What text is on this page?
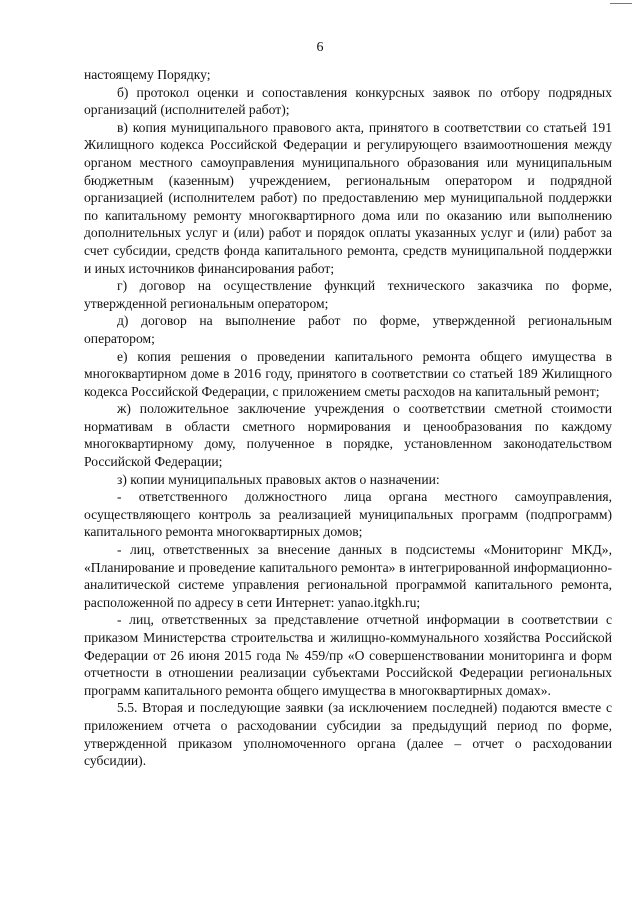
6

настоящему Порядку;

б) протокол оценки и сопоставления конкурсных заявок по отбору подрядных организаций (исполнителей работ);

в) копия муниципального правового акта, принятого в соответствии со статьей 191 Жилищного кодекса Российской Федерации и регулирующего взаимоотношения между органом местного самоуправления муниципального образования или муниципальным бюджетным (казенным) учреждением, региональным оператором и подрядной организацией (исполнителем работ) по предоставлению мер муниципальной поддержки по капитальному ремонту многоквартирного дома или по оказанию или выполнению дополнительных услуг и (или) работ и порядок оплаты указанных услуг и (или) работ за счет субсидии, средств фонда капитального ремонта, средств муниципальной поддержки и иных источников финансирования работ;

г) договор на осуществление функций технического заказчика по форме, утвержденной региональным оператором;

д) договор на выполнение работ по форме, утвержденной региональным оператором;

е) копия решения о проведении капитального ремонта общего имущества в многоквартирном доме в 2016 году, принятого в соответствии со статьей 189 Жилищного кодекса Российской Федерации, с приложением сметы расходов на капитальный ремонт;

ж) положительное заключение учреждения о соответствии сметной стоимости нормативам в области сметного нормирования и ценообразования по каждому многоквартирному дому, полученное в порядке, установленном законодательством Российской Федерации;

з) копии муниципальных правовых актов о назначении:

- ответственного должностного лица органа местного самоуправления, осуществляющего контроль за реализацией муниципальных программ (подпрограмм) капитального ремонта многоквартирных домов;

- лиц, ответственных за внесение данных в подсистемы «Мониторинг МКД», «Планирование и проведение капитального ремонта» в интегрированной информационно-аналитической системе управления региональной программой капитального ремонта, расположенной по адресу в сети Интернет: yanao.itgkh.ru;

- лиц, ответственных за представление отчетной информации в соответствии с приказом Министерства строительства и жилищно-коммунального хозяйства Российской Федерации от 26 июня 2015 года № 459/пр «О совершенствовании мониторинга и форм отчетности в отношении реализации субъектами Российской Федерации региональных программ капитального ремонта общего имущества в многоквартирных домах».

5.5. Вторая и последующие заявки (за исключением последней) подаются вместе с приложением отчета о расходовании субсидии за предыдущий период по форме, утвержденной приказом уполномоченного органа (далее – отчет о расходовании субсидии).
